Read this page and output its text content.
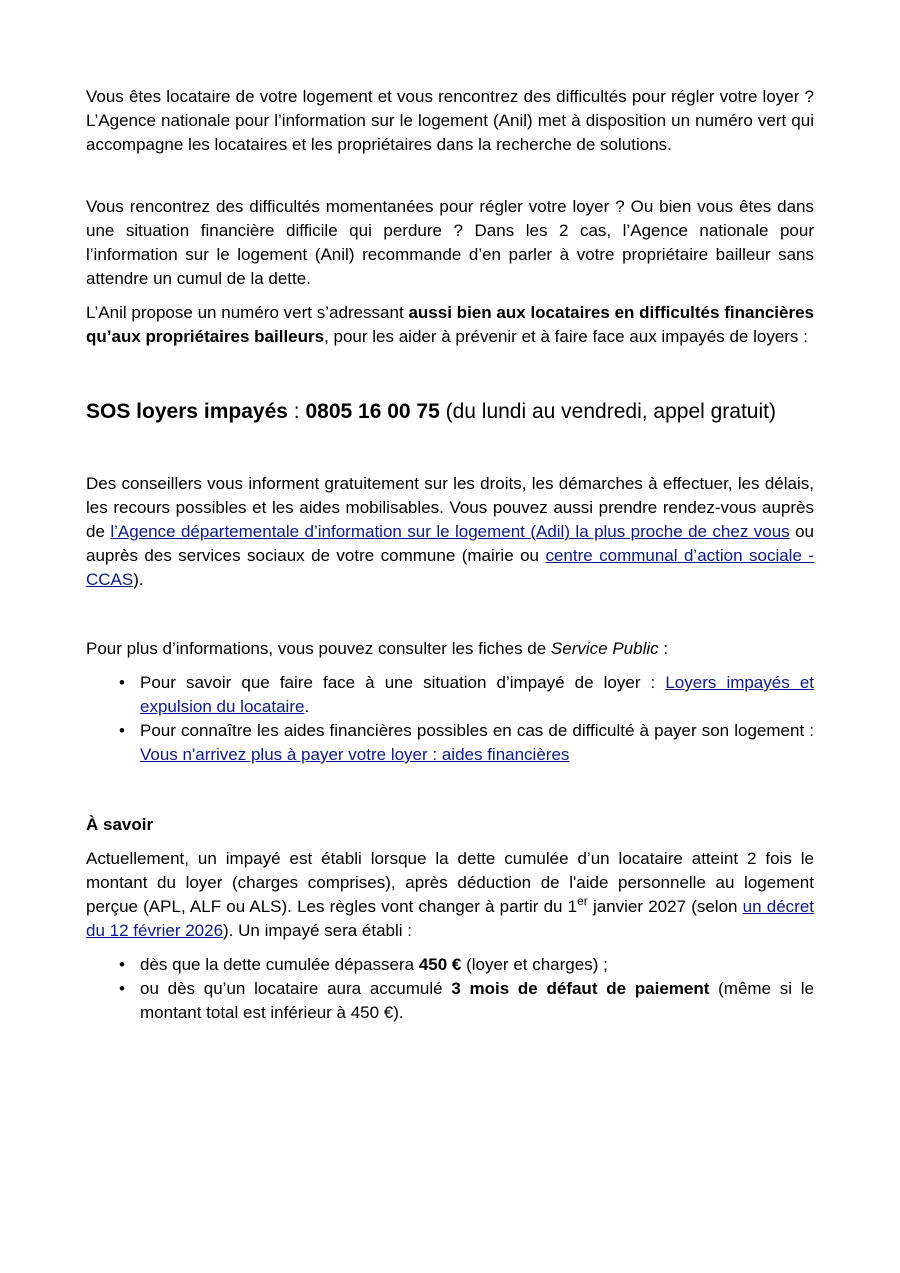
Vous êtes locataire de votre logement et vous rencontrez des difficultés pour régler votre loyer ? L’Agence nationale pour l’information sur le logement (Anil) met à disposition un numéro vert qui accompagne les locataires et les propriétaires dans la recherche de solutions.

Vous rencontrez des difficultés momentanées pour régler votre loyer ? Ou bien vous êtes dans une situation financière difficile qui perdure ? Dans les 2 cas, l’Agence nationale pour l’information sur le logement (Anil) recommande d’en parler à votre propriétaire bailleur sans attendre un cumul de la dette.

L’Anil propose un numéro vert s’adressant aussi bien aux locataires en difficultés financières qu’aux propriétaires bailleurs, pour les aider à prévenir et à faire face aux impayés de loyers :

SOS loyers impayés : 0805 16 00 75 (du lundi au vendredi, appel gratuit)

Des conseillers vous informent gratuitement sur les droits, les démarches à effectuer, les délais, les recours possibles et les aides mobilisables. Vous pouvez aussi prendre rendez-vous auprès de l’Agence départementale d’information sur le logement (Adil) la plus proche de chez vous ou auprès des services sociaux de votre commune (mairie ou centre communal d’action sociale - CCAS).

Pour plus d’informations, vous pouvez consulter les fiches de Service Public :

• Pour savoir que faire face à une situation d’impayé de loyer : Loyers impayés et expulsion du locataire.
• Pour connaître les aides financières possibles en cas de difficulté à payer son logement : Vous n'arrivez plus à payer votre loyer : aides financières

À savoir

Actuellement, un impayé est établi lorsque la dette cumulée d’un locataire atteint 2 fois le montant du loyer (charges comprises), après déduction de l'aide personnelle au logement perçue (APL, ALF ou ALS). Les règles vont changer à partir du 1er janvier 2027 (selon un décret du 12 février 2026). Un impayé sera établi :

• dès que la dette cumulée dépassera 450 € (loyer et charges) ;
• ou dès qu’un locataire aura accumulé 3 mois de défaut de paiement (même si le montant total est inférieur à 450 €).
